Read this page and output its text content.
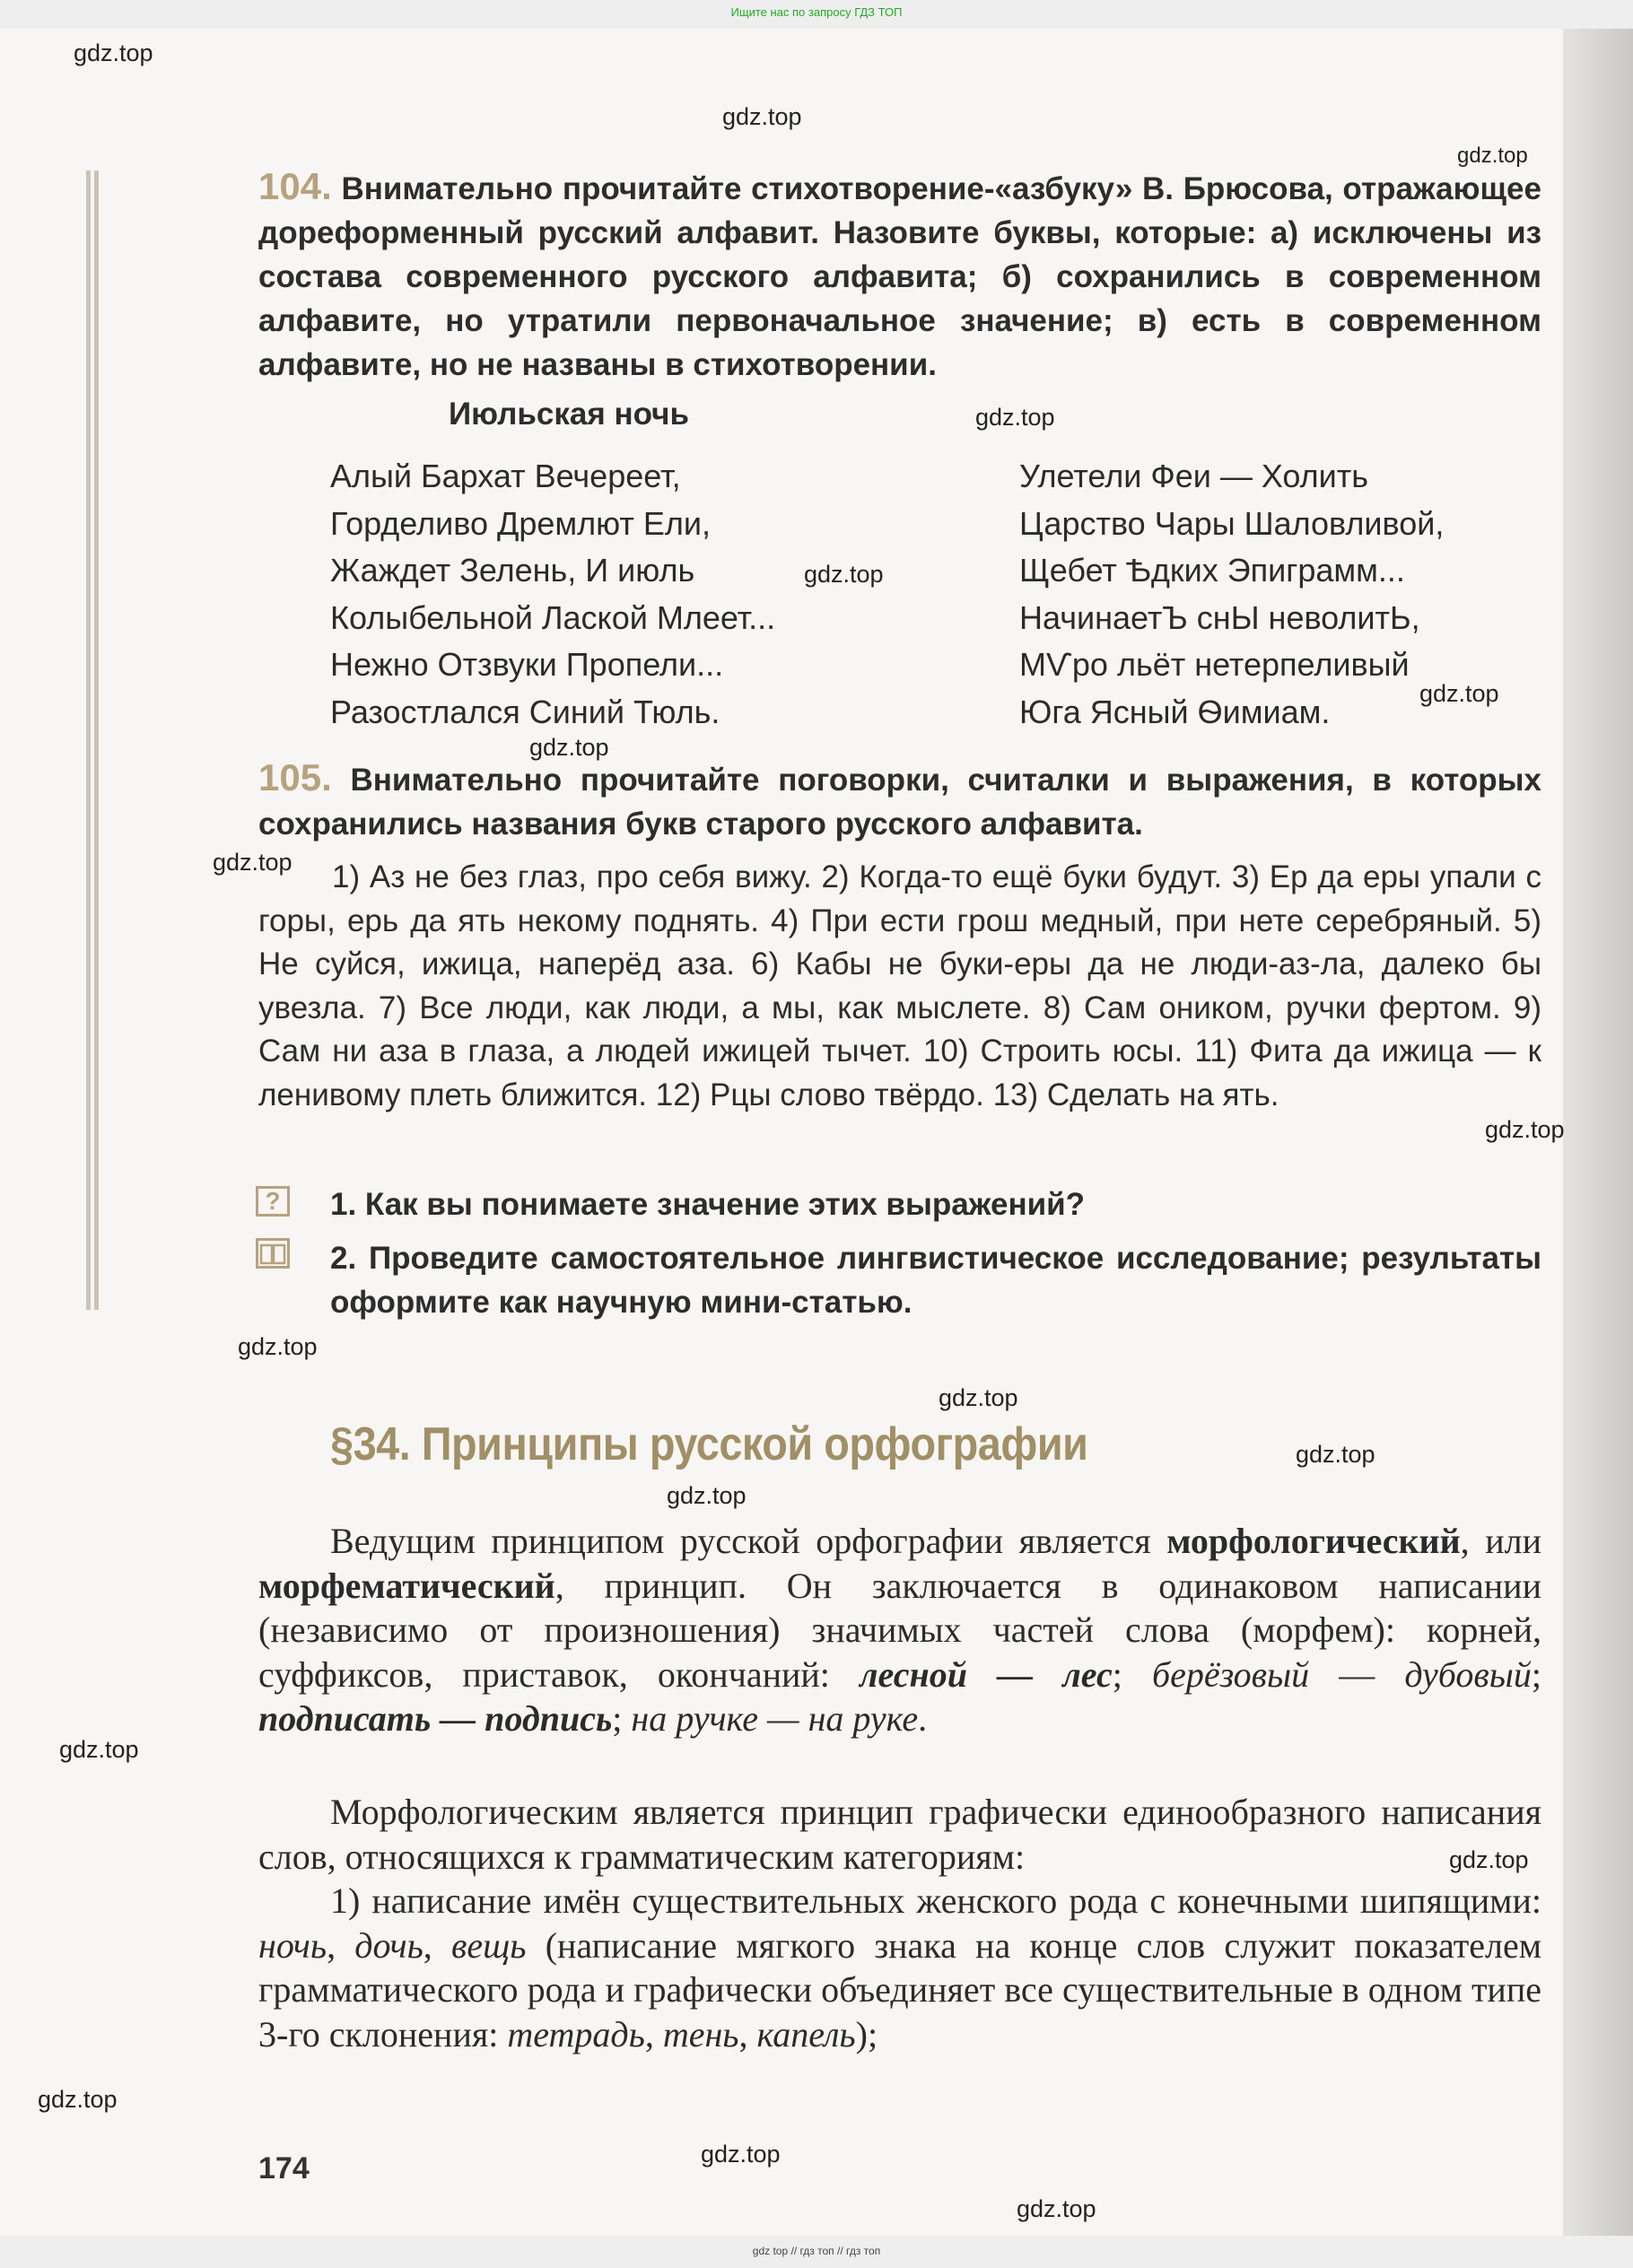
Ищите нас по запросу ГДЗ ТОП
gdz.top
gdz.top
gdz.top
gdz.top
gdz.top
gdz.top
gdz.top
gdz.top
gdz.top
gdz.top
gdz.top
gdz.top
gdz.top
gdz.top
gdz.top
gdz.top
gdz.top
gdz.top

104. Внимательно прочитайте стихотворение-«азбуку» В. Брюсова, отражающее дореформенный русский алфавит. Назовите буквы, которые: а) исключены из состава современного русского алфавита; б) сохранились в современном алфавите, но утратили первоначальное значение; в) есть в современном алфавите, но не названы в стихотворении.

Июльская ночь
Алый Бархат Вечереет,
Горделиво Дремлют Ели,
Жаждет Зелень, И июль
Колыбельной Лаской Млеет...
Нежно Отзвуки Пропели...
Разостлался Синий Тюль.
Улетели Феи — Холить
Царство Чары Шаловливой,
Щебет Ѣдких Эпиграмм...
НачинаетЪ снЫ неволитЬ,
МѴро льёт нетерпеливый
Юга Ясный Ѳимиам.

105. Внимательно прочитайте поговорки, считалки и выражения, в которых сохранились названия букв старого русского алфавита.

1) Аз не без глаз, про себя вижу. 2) Когда-то ещё буки будут. 3) Ер да еры упали с горы, ерь да ять некому поднять. 4) При ести грош медный, при нете серебряный. 5) Не суйся, ижица, наперёд аза. 6) Кабы не буки-еры да не люди-аз-ла, далеко бы увезла. 7) Все люди, как люди, а мы, как мыслете. 8) Сам оником, ручки фертом. 9) Сам ни аза в глаза, а людей ижицей тычет. 10) Строить юсы. 11) Фита да ижица — к ленивому плеть ближится. 12) Рцы слово твёрдо. 13) Сделать на ять.

? 1. Как вы понимаете значение этих выражений?

2. Проведите самостоятельное лингвистическое исследование; результаты оформите как научную мини-статью.

§34. Принципы русской орфографии

Ведущим принципом русской орфографии является морфологический, или морфематический, принцип. Он заключается в одинаковом написании (независимо от произношения) значимых частей слова (морфем): корней, суффиксов, приставок, окончаний: лесной — лес; берёзовый — дубовый; подписать — подпись; на ручке — на руке.

Морфологическим является принцип графически единообразного написания слов, относящихся к грамматическим категориям:

1) написание имён существительных женского рода с конечными шипящими: ночь, дочь, вещь (написание мягкого знака на конце слов служит показателем грамматического рода и графически объединяет все существительные в одном типе 3-го склонения: тетрадь, тень, капель);

174
gdz top // гдз топ // гдз топ
